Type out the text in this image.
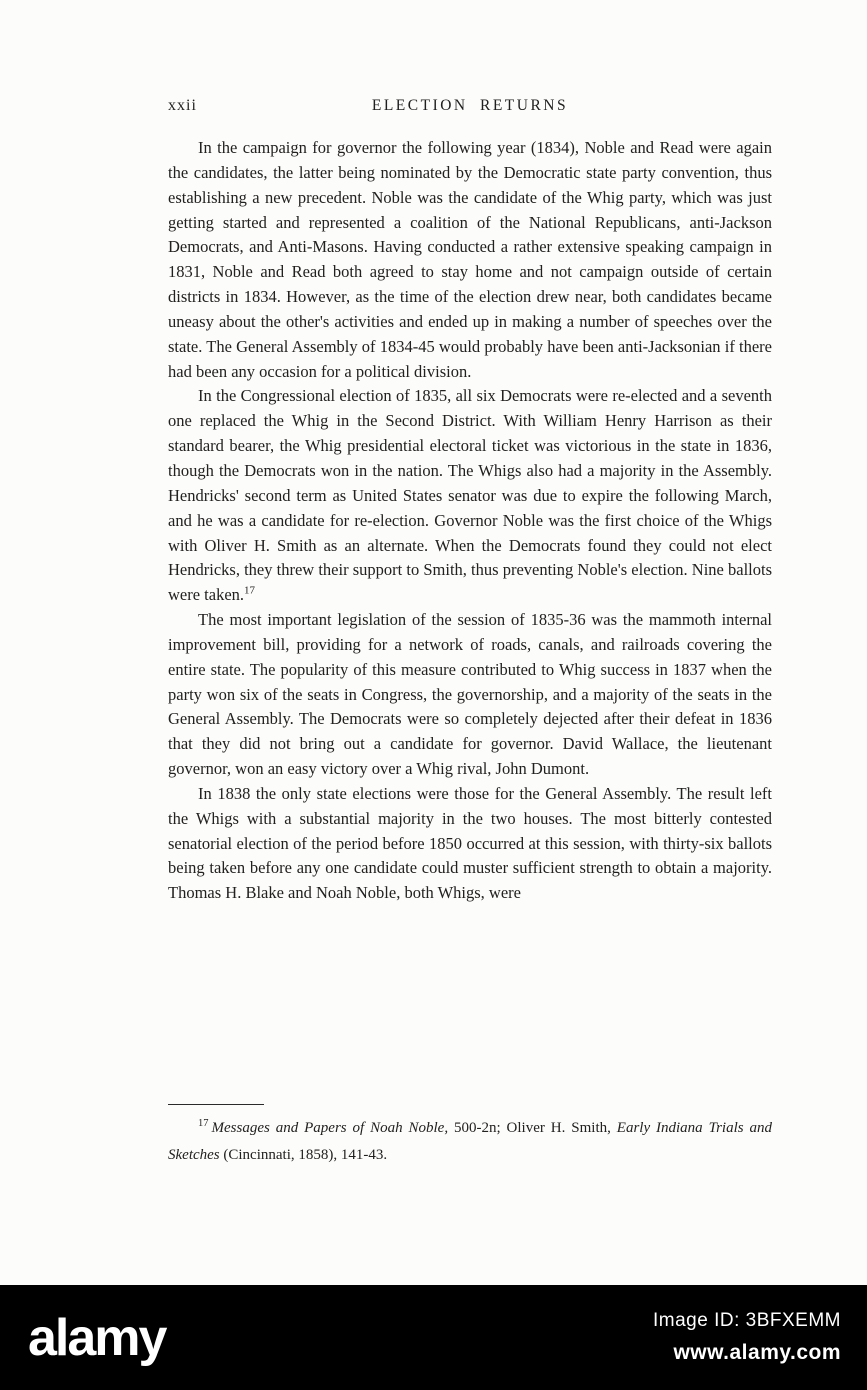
xxii	ELECTION RETURNS

In the campaign for governor the following year (1834), Noble and Read were again the candidates, the latter being nominated by the Democratic state party convention, thus establishing a new precedent. Noble was the candidate of the Whig party, which was just getting started and represented a coalition of the National Republicans, anti-Jackson Democrats, and Anti-Masons. Having conducted a rather extensive speaking campaign in 1831, Noble and Read both agreed to stay home and not campaign outside of certain districts in 1834. However, as the time of the election drew near, both candidates became uneasy about the other's activities and ended up in making a number of speeches over the state. The General Assembly of 1834-45 would probably have been anti-Jacksonian if there had been any occasion for a political division.

In the Congressional election of 1835, all six Democrats were re-elected and a seventh one replaced the Whig in the Second District. With William Henry Harrison as their standard bearer, the Whig presidential electoral ticket was victorious in the state in 1836, though the Democrats won in the nation. The Whigs also had a majority in the Assembly. Hendricks' second term as United States senator was due to expire the following March, and he was a candidate for re-election. Governor Noble was the first choice of the Whigs with Oliver H. Smith as an alternate. When the Democrats found they could not elect Hendricks, they threw their support to Smith, thus preventing Noble's election. Nine ballots were taken.$^{17}$

The most important legislation of the session of 1835-36 was the mammoth internal improvement bill, providing for a network of roads, canals, and railroads covering the entire state. The popularity of this measure contributed to Whig success in 1837 when the party won six of the seats in Congress, the governorship, and a majority of the seats in the General Assembly. The Democrats were so completely dejected after their defeat in 1836 that they did not bring out a candidate for governor. David Wallace, the lieutenant governor, won an easy victory over a Whig rival, John Dumont.

In 1838 the only state elections were those for the General Assembly. The result left the Whigs with a substantial majority in the two houses. The most bitterly contested senatorial election of the period before 1850 occurred at this session, with thirty-six ballots being taken before any one candidate could muster sufficient strength to obtain a majority. Thomas H. Blake and Noah Noble, both Whigs, were

$^{17}$ Messages and Papers of Noah Noble, 500-2n; Oliver H. Smith, Early Indiana Trials and Sketches (Cincinnati, 1858), 141-43.

alamy	Image ID: 3BFXEMM
www.alamy.com
